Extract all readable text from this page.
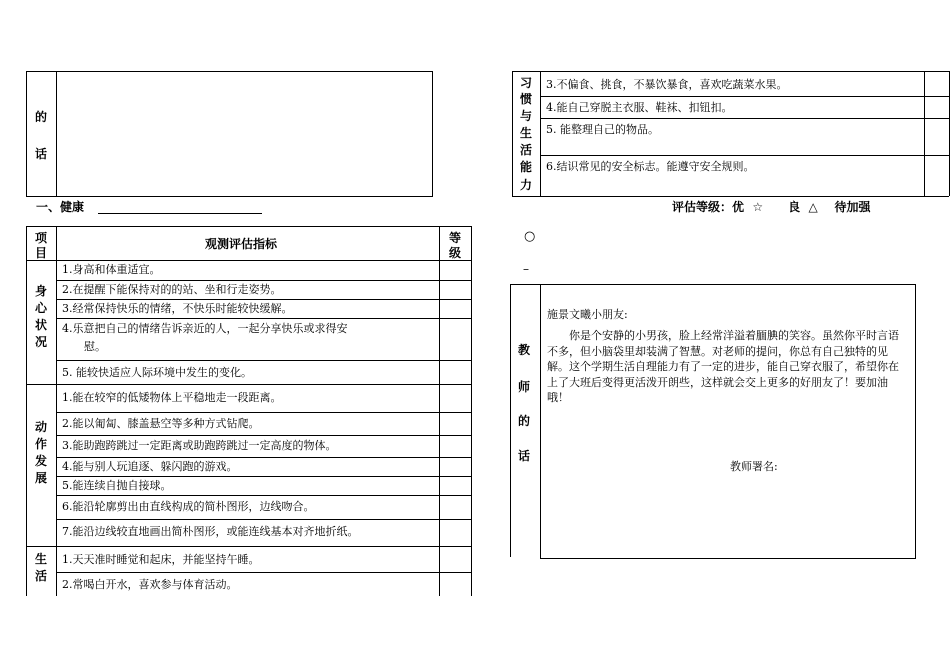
的
话
一、健康
项
目
观测评估指标	等
级
身
心
状
况
1.身高和体重适宜。
2.在提醒下能保持对的的站、坐和行走姿势。
3.经常保持快乐的情绪，不快乐时能较快缓解。
4.乐意把自己的情绪告诉亲近的人，一起分享快乐或求得安
慰。
5. 能较快适应人际环境中发生的变化。
动
作
发
展
1.能在较窄的低矮物体上平稳地走一段距离。
2.能以匍匐、膝盖悬空等多种方式钻爬。
3.能助跑跨跳过一定距离或助跑跨跳过一定高度的物体。
4.能与别人玩追逐、躲闪跑的游戏。
5.能连续自抛自接球。
6.能沿轮廓剪出由直线构成的简朴图形，边线吻合。
7.能沿边线较直地画出简朴图形，或能连线基本对齐地折纸。
生
活
1.天天准时睡觉和起床，并能坚持午睡。
2.常喝白开水，喜欢参与体育活动。
习
惯
与
生
活
能
力
3.不偏食、挑食，不暴饮暴食，喜欢吃蔬菜水果。
4.能自己穿脱主衣服、鞋袜、扣钮扣。
5. 能整理自己的物品。
6.结识常见的安全标志。能遵守安全规则。
评估等级：优  ☆      良  △    待加强
○
–
教
师
的
话
施景文曦小朋友:
你是个安静的小男孩，脸上经常洋溢着腼腆的笑容。虽然你平时言语不多，但小脑袋里却装满了智慧。对老师的提问，你总有自己独特的见解。这个学期生活自理能力有了一定的进步，能自己穿衣服了，希望你在上了大班后变得更活泼开朗些，这样就会交上更多的好朋友了！要加油哦！
教师署名:
